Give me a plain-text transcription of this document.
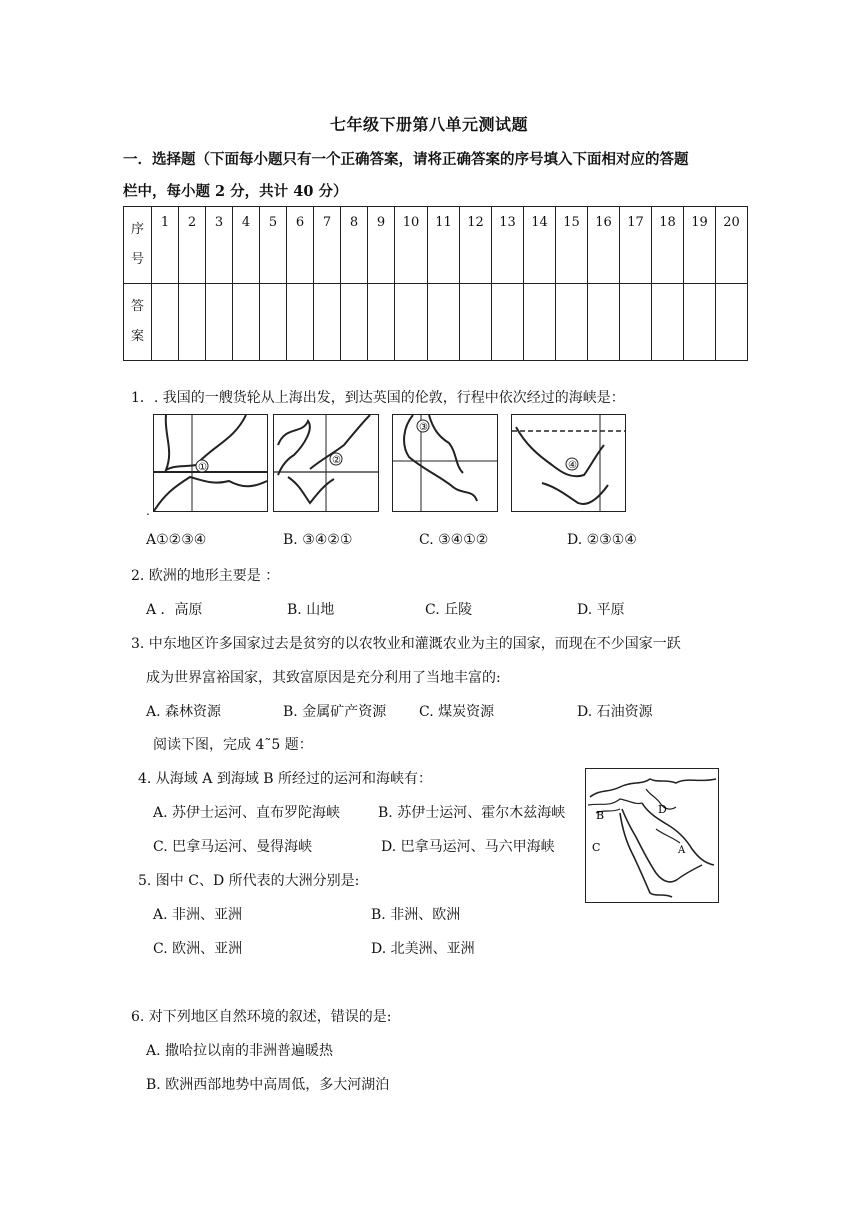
七年级下册第八单元测试题
一．选择题（下面每小题只有一个正确答案，请将正确答案的序号填入下面相对应的答题
栏中，每小题 2 分，共计 40 分）
序
号	1	2	3	4	5	6	7	8	9	10	11	12	13	14	15	16	17	18	19	20

答
案																				

1．. 我国的一艘货轮从上海出发，到达英国的伦敦，行程中依次经过的海峡是：
①
②
③
④
.
A①②③④	B. ③④②①	C. ③④①②	D. ②③①④
2. 欧洲的地形主要是 ：
A ．高原	B. 山地	C. 丘陵	D. 平原
3. 中东地区许多国家过去是贫穷的以农牧业和灌溉农业为主的国家，而现在不少国家一跃
成为世界富裕国家，其致富原因是充分利用了当地丰富的:
A. 森林资源	B. 金属矿产资源 C. 煤炭资源	D. 石油资源
阅读下图，完成 4˜5 题：
4. 从海域 A 到海域 B 所经过的运河和海峡有：
A. 苏伊士运河、直布罗陀海峡	B. 苏伊士运河、霍尔木兹海峡
C. 巴拿马运河、曼得海峡	D. 巴拿马运河、马六甲海峡
B
C
D
A
5. 图中 C、D 所代表的大洲分别是:
A. 非洲、亚洲	B. 非洲、欧洲
C. 欧洲、亚洲	D. 北美洲、亚洲
6. 对下列地区自然环境的叙述，错误的是:
A. 撒哈拉以南的非洲普遍暖热
B. 欧洲西部地势中高周低，多大河湖泊
